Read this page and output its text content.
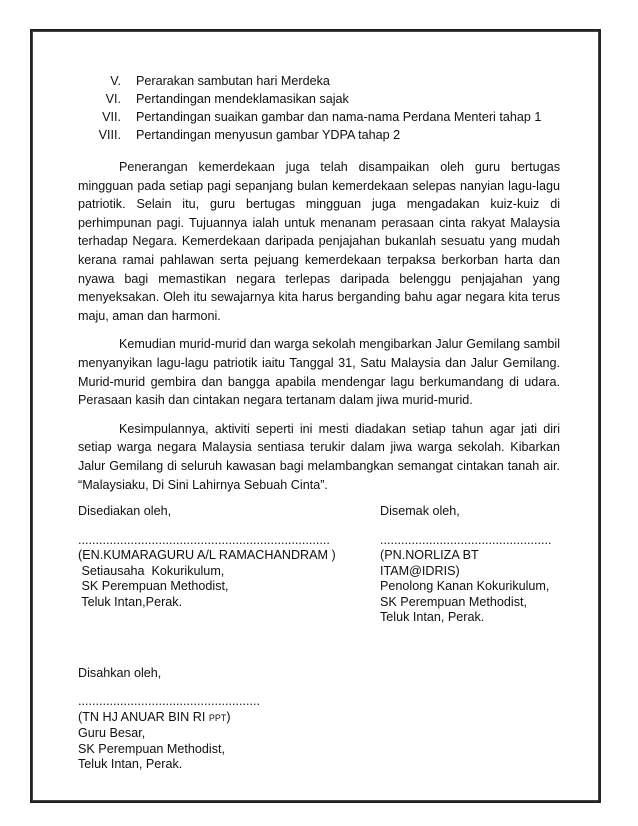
V.	Perarakan sambutan hari Merdeka
VI.	Pertandingan mendeklamasikan sajak
VII.	Pertandingan suaikan gambar dan nama-nama Perdana Menteri tahap 1
VIII.	Pertandingan menyusun gambar YDPA tahap 2

Penerangan kemerdekaan juga telah disampaikan oleh guru bertugas mingguan pada setiap pagi sepanjang bulan kemerdekaan selepas nanyian lagu-lagu patriotik. Selain itu, guru bertugas mingguan juga mengadakan kuiz-kuiz di perhimpunan pagi. Tujuannya ialah untuk menanam perasaan cinta rakyat Malaysia terhadap Negara. Kemerdekaan daripada penjajahan bukanlah sesuatu yang mudah kerana ramai pahlawan serta pejuang kemerdekaan terpaksa berkorban harta dan nyawa bagi memastikan negara terlepas daripada belenggu penjajahan yang menyeksakan. Oleh itu sewajarnya kita harus berganding bahu agar negara kita terus maju, aman dan harmoni.

Kemudian murid-murid dan warga sekolah mengibarkan Jalur Gemilang sambil menyanyikan lagu-lagu patriotik iaitu Tanggal 31, Satu Malaysia dan Jalur Gemilang. Murid-murid gembira dan bangga apabila mendengar lagu berkumandang di udara. Perasaan kasih dan cintakan negara tertanam dalam jiwa murid-murid.

Kesimpulannya, aktiviti seperti ini mesti diadakan setiap tahun agar jati diri setiap warga negara Malaysia sentiasa terukir dalam jiwa warga sekolah. Kibarkan Jalur Gemilang di seluruh kawasan bagi melambangkan semangat cintakan tanah air. “Malaysiaku, Di Sini Lahirnya Sebuah Cinta”.

Disediakan oleh,
........................................................................
(EN.KUMARAGURU A/L RAMACHANDRAM )
Setiausaha  Kokurikulum,
SK Perempuan Methodist,
Teluk Intan,Perak.
Disemak oleh,
.................................................
(PN.NORLIZA BT ITAM@IDRIS)
Penolong Kanan Kokurikulum,
SK Perempuan Methodist,
Teluk Intan, Perak.
Disahkan oleh,
....................................................
(TN HJ ANUAR BIN RI PPT)
Guru Besar,
SK Perempuan Methodist,
Teluk Intan, Perak.
